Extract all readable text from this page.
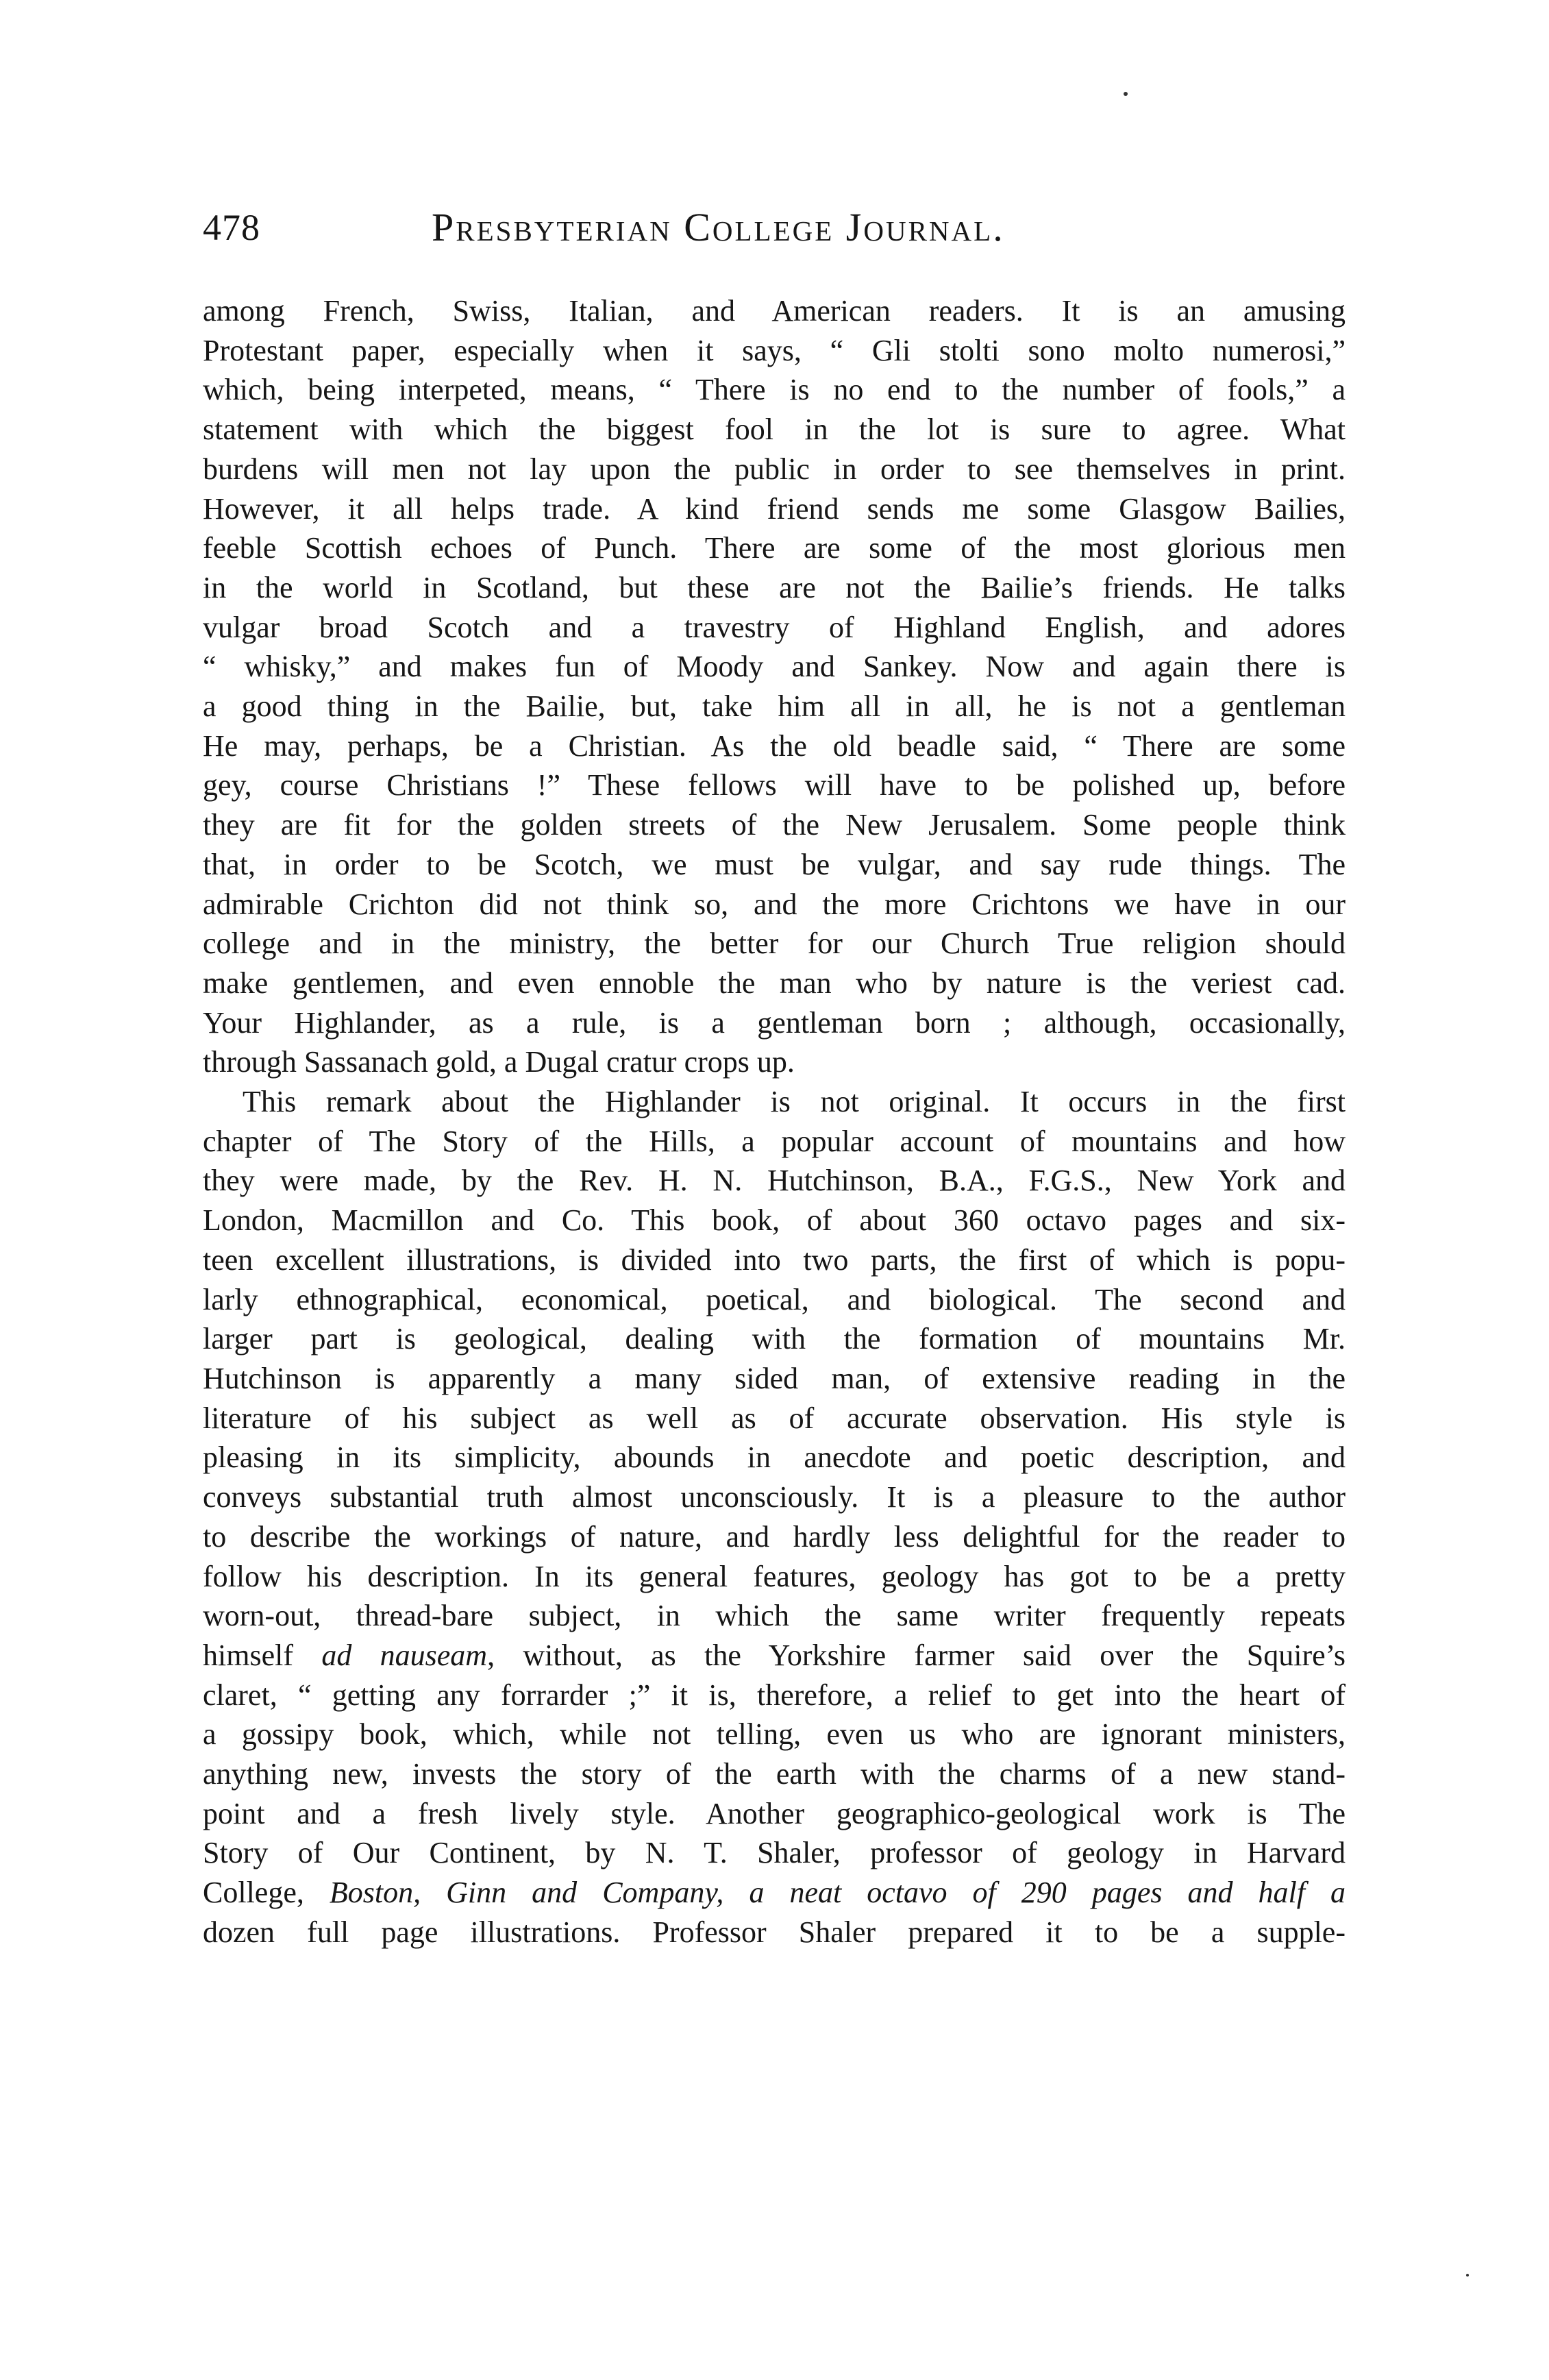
478	Presbyterian College Journal.

among French, Swiss, Italian, and American readers. It is an amusing
Protestant paper, especially when it says, “ Gli stolti sono molto numerosi,”
which, being interpeted, means, “ There is no end to the number of fools,” a
statement with which the biggest fool in the lot is sure to agree. What
burdens will men not lay upon the public in order to see themselves in print.
However, it all helps trade. A kind friend sends me some Glasgow Bailies,
feeble Scottish echoes of Punch. There are some of the most glorious men
in the world in Scotland, but these are not the Bailie’s friends. He talks
vulgar broad Scotch and a travestry of Highland English, and adores
“ whisky,” and makes fun of Moody and Sankey. Now and again there is
a good thing in the Bailie, but, take him all in all, he is not a gentleman
He may, perhaps, be a Christian. As the old beadle said, “ There are some
gey, course Christians !” These fellows will have to be polished up, before
they are fit for the golden streets of the New Jerusalem. Some people think
that, in order to be Scotch, we must be vulgar, and say rude things. The
admirable Crichton did not think so, and the more Crichtons we have in our
college and in the ministry, the better for our Church True religion should
make gentlemen, and even ennoble the man who by nature is the veriest cad.
Your Highlander, as a rule, is a gentleman born ; although, occasionally,
through Sassanach gold, a Dugal cratur crops up.

This remark about the Highlander is not original. It occurs in the first
chapter of The Story of the Hills, a popular account of mountains and how
they were made, by the Rev. H. N. Hutchinson, B.A., F.G.S., New York and
London, Macmillon and Co. This book, of about 360 octavo pages and six-
teen excellent illustrations, is divided into two parts, the first of which is popu-
larly ethnographical, economical, poetical, and biological. The second and
larger part is geological, dealing with the formation of mountains Mr.
Hutchinson is apparently a many sided man, of extensive reading in the
literature of his subject as well as of accurate observation. His style is
pleasing in its simplicity, abounds in anecdote and poetic description, and
conveys substantial truth almost unconsciously. It is a pleasure to the author
to describe the workings of nature, and hardly less delightful for the reader to
follow his description. In its general features, geology has got to be a pretty
worn-out, thread-bare subject, in which the same writer frequently repeats
himself ad nauseam, without, as the Yorkshire farmer said over the Squire’s
claret, “ getting any forrarder ;” it is, therefore, a relief to get into the heart of
a gossipy book, which, while not telling, even us who are ignorant ministers,
anything new, invests the story of the earth with the charms of a new stand-
point and a fresh lively style. Another geographico-geological work is The
Story of Our Continent, by N. T. Shaler, professor of geology in Harvard
College, Boston, Ginn and Company, a neat octavo of 290 pages and half a
dozen full page illustrations. Professor Shaler prepared it to be a supple-
